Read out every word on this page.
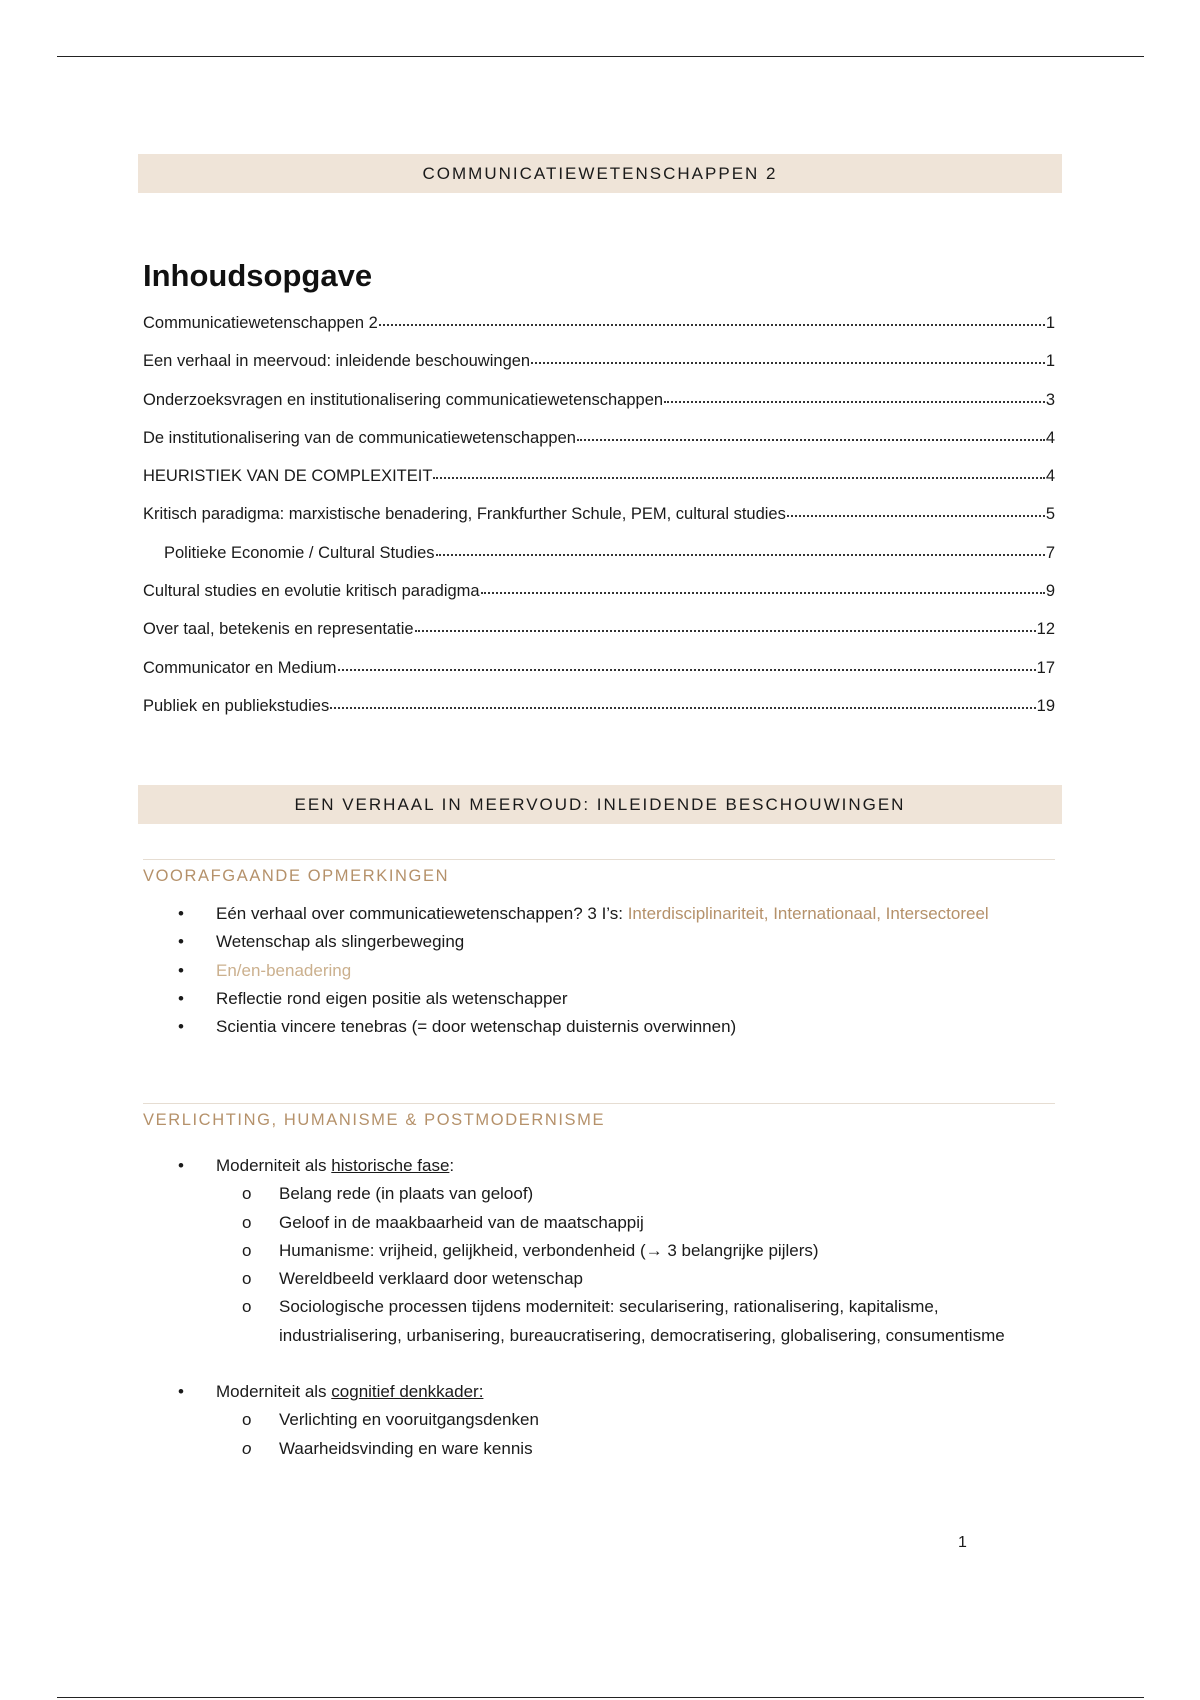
COMMUNICATIEWETENSCHAPPEN 2
Inhoudsopgave
Communicatiewetenschappen 2	1
Een verhaal in meervoud: inleidende beschouwingen	1
Onderzoeksvragen en institutionalisering communicatiewetenschappen	3
De institutionalisering van de communicatiewetenschappen	4
HEURISTIEK VAN DE COMPLEXITEIT	4
Kritisch paradigma: marxistische benadering, Frankfurther Schule, PEM, cultural studies	5
Politieke Economie / Cultural Studies	7
Cultural studies en evolutie kritisch paradigma	9
Over taal, betekenis en representatie	12
Communicator en Medium	17
Publiek en publiekstudies	19
EEN VERHAAL IN MEERVOUD: INLEIDENDE BESCHOUWINGEN
VOORAFGAANDE OPMERKINGEN
• Eén verhaal over communicatiewetenschappen? 3 I’s: Interdisciplinariteit, Internationaal, Intersectoreel
• Wetenschap als slingerbeweging
• En/en-benadering
• Reflectie rond eigen positie als wetenschapper
• Scientia vincere tenebras (= door wetenschap duisternis overwinnen)
VERLICHTING, HUMANISME & POSTMODERNISME
• Moderniteit als historische fase:
o Belang rede (in plaats van geloof)
o Geloof in de maakbaarheid van de maatschappij
o Humanisme: vrijheid, gelijkheid, verbondenheid (→ 3 belangrijke pijlers)
o Wereldbeeld verklaard door wetenschap
o Sociologische processen tijdens moderniteit: secularisering, rationalisering, kapitalisme, industrialisering, urbanisering, bureaucratisering, democratisering, globalisering, consumentisme
• Moderniteit als cognitief denkkader:
o Verlichting en vooruitgangsdenken
o Waarheidsvinding en ware kennis
1
